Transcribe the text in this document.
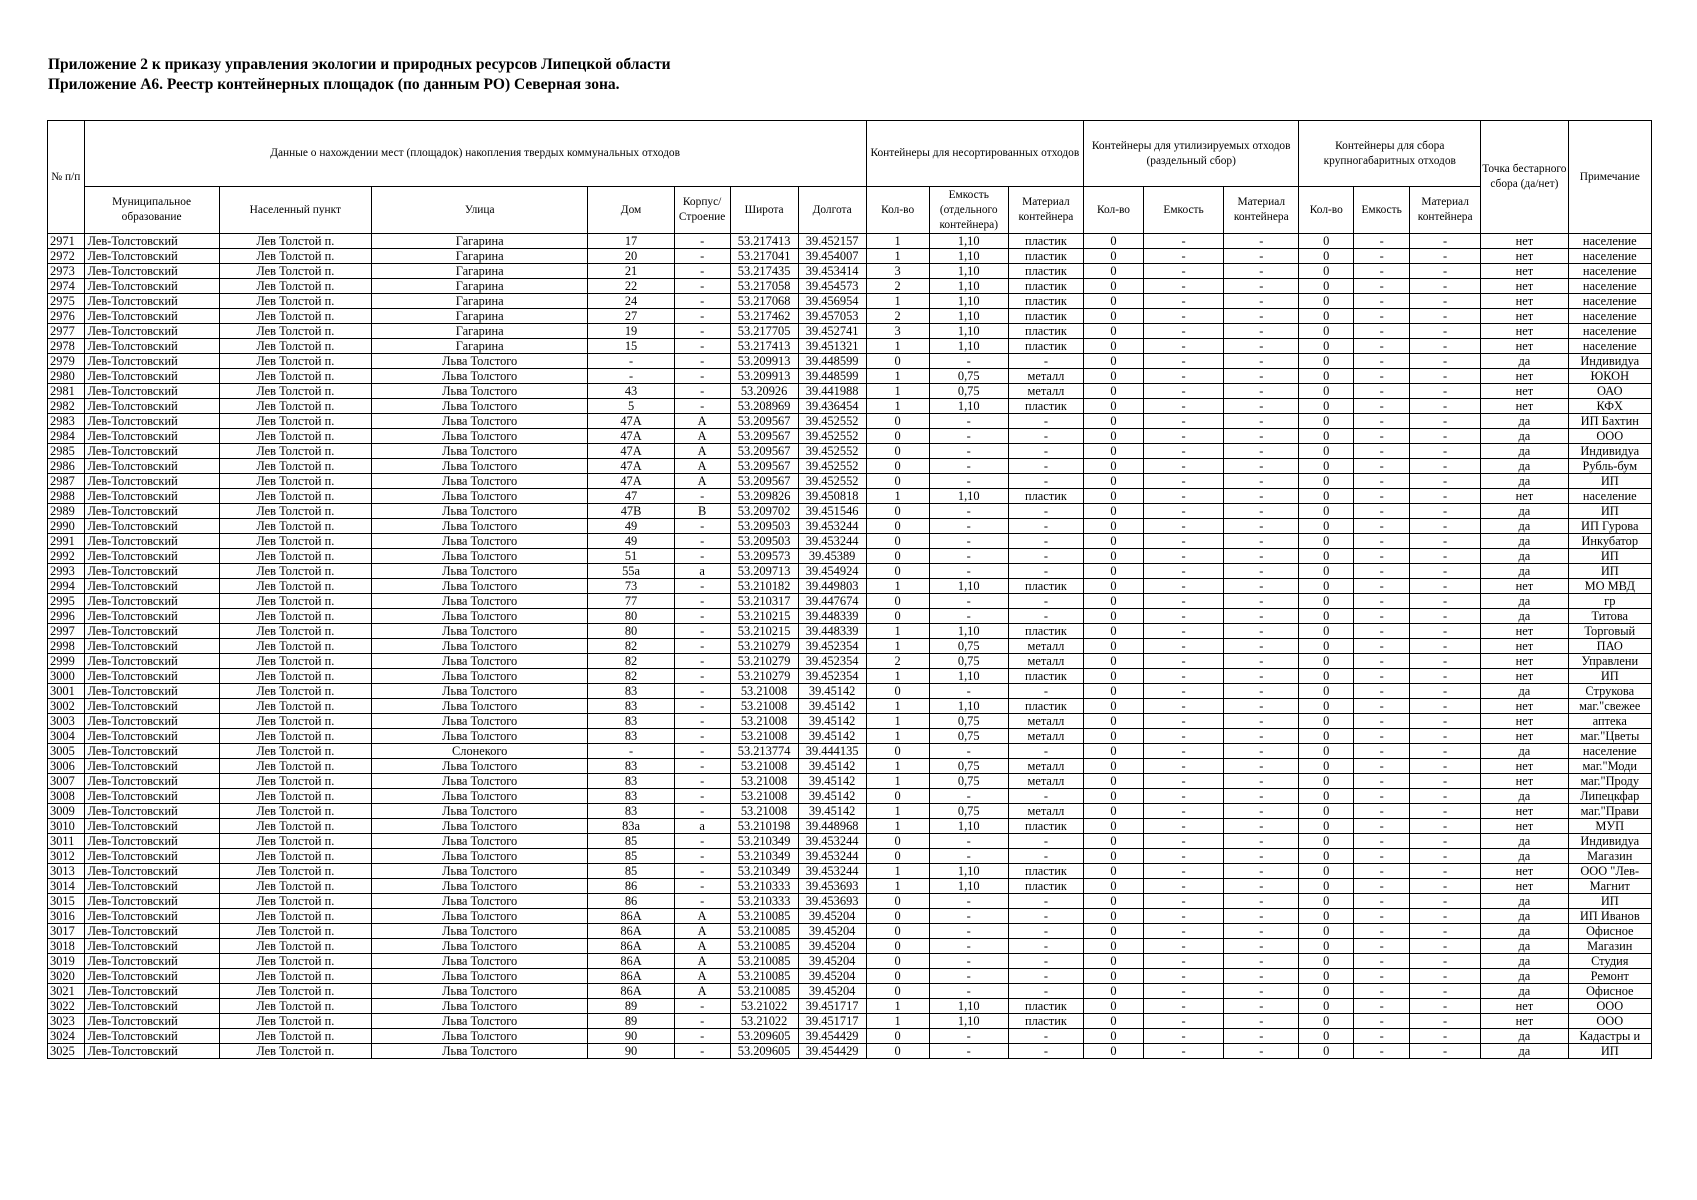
Приложение 2 к приказу управления экологии и природных ресурсов Липецкой области
Приложение А6. Реестр контейнерных площадок (по данным РО) Северная зона.
№ п/п	Данные о нахождении мест (площадок) накопления твердых коммунальных отходов							Контейнеры для несортированных отходов			Контейнеры для утилизируемых отходов (раздельный сбор)			Контейнеры для сбора крупногабаритных отходов			Точка бестарного сбора (да/нет)	Примечание
	Муниципальное образование	Населенный пункт	Улица	Дом	Корпус/ Строение	Широта	Долгота	Кол-во	Емкость (отдельного контейнера)	Материал контейнера	Кол-во	Емкость	Материал контейнера	Кол-во	Емкость	Материал контейнера		
2971	Лев-Толстовский	Лев Толстой п.	Гагарина	17	-	53.217413	39.452157	1	1,10	пластик	0	-	-	0	-	-	нет	население
2972	Лев-Толстовский	Лев Толстой п.	Гагарина	20	-	53.217041	39.454007	1	1,10	пластик	0	-	-	0	-	-	нет	население
2973	Лев-Толстовский	Лев Толстой п.	Гагарина	21	-	53.217435	39.453414	3	1,10	пластик	0	-	-	0	-	-	нет	население
2974	Лев-Толстовский	Лев Толстой п.	Гагарина	22	-	53.217058	39.454573	2	1,10	пластик	0	-	-	0	-	-	нет	население
2975	Лев-Толстовский	Лев Толстой п.	Гагарина	24	-	53.217068	39.456954	1	1,10	пластик	0	-	-	0	-	-	нет	население
2976	Лев-Толстовский	Лев Толстой п.	Гагарина	27	-	53.217462	39.457053	2	1,10	пластик	0	-	-	0	-	-	нет	население
2977	Лев-Толстовский	Лев Толстой п.	Гагарина	19	-	53.217705	39.452741	3	1,10	пластик	0	-	-	0	-	-	нет	население
2978	Лев-Толстовский	Лев Толстой п.	Гагарина	15	-	53.217413	39.451321	1	1,10	пластик	0	-	-	0	-	-	нет	население
2979	Лев-Толстовский	Лев Толстой п.	Льва Толстого	-	-	53.209913	39.448599	0	-	-	0	-	-	0	-	-	да	Индивидуа
2980	Лев-Толстовский	Лев Толстой п.	Льва Толстого	-	-	53.209913	39.448599	1	0,75	металл	0	-	-	0	-	-	нет	ЮКОН
2981	Лев-Толстовский	Лев Толстой п.	Льва Толстого	43	-	53.20926	39.441988	1	0,75	металл	0	-	-	0	-	-	нет	ОАО
2982	Лев-Толстовский	Лев Толстой п.	Льва Толстого	5	-	53.208969	39.436454	1	1,10	пластик	0	-	-	0	-	-	нет	КФХ
2983	Лев-Толстовский	Лев Толстой п.	Льва Толстого	47А	А	53.209567	39.452552	0	-	-	0	-	-	0	-	-	да	ИП Бахтин
2984	Лев-Толстовский	Лев Толстой п.	Льва Толстого	47А	А	53.209567	39.452552	0	-	-	0	-	-	0	-	-	да	ООО
2985	Лев-Толстовский	Лев Толстой п.	Льва Толстого	47А	А	53.209567	39.452552	0	-	-	0	-	-	0	-	-	да	Индивидуа
2986	Лев-Толстовский	Лев Толстой п.	Льва Толстого	47А	А	53.209567	39.452552	0	-	-	0	-	-	0	-	-	да	Рубль-бум
2987	Лев-Толстовский	Лев Толстой п.	Льва Толстого	47А	А	53.209567	39.452552	0	-	-	0	-	-	0	-	-	да	ИП
2988	Лев-Толстовский	Лев Толстой п.	Льва Толстого	47	-	53.209826	39.450818	1	1,10	пластик	0	-	-	0	-	-	нет	население
2989	Лев-Толстовский	Лев Толстой п.	Льва Толстого	47В	В	53.209702	39.451546	0	-	-	0	-	-	0	-	-	да	ИП
2990	Лев-Толстовский	Лев Толстой п.	Льва Толстого	49	-	53.209503	39.453244	0	-	-	0	-	-	0	-	-	да	ИП Гурова
2991	Лев-Толстовский	Лев Толстой п.	Льва Толстого	49	-	53.209503	39.453244	0	-	-	0	-	-	0	-	-	да	Инкубатор
2992	Лев-Толстовский	Лев Толстой п.	Льва Толстого	51	-	53.209573	39.45389	0	-	-	0	-	-	0	-	-	да	ИП
2993	Лев-Толстовский	Лев Толстой п.	Льва Толстого	55а	а	53.209713	39.454924	0	-	-	0	-	-	0	-	-	да	ИП
2994	Лев-Толстовский	Лев Толстой п.	Льва Толстого	73	-	53.210182	39.449803	1	1,10	пластик	0	-	-	0	-	-	нет	МО МВД
2995	Лев-Толстовский	Лев Толстой п.	Льва Толстого	77	-	53.210317	39.447674	0	-	-	0	-	-	0	-	-	да	гр
2996	Лев-Толстовский	Лев Толстой п.	Льва Толстого	80	-	53.210215	39.448339	0	-	-	0	-	-	0	-	-	да	Титова
2997	Лев-Толстовский	Лев Толстой п.	Льва Толстого	80	-	53.210215	39.448339	1	1,10	пластик	0	-	-	0	-	-	нет	Торговый
2998	Лев-Толстовский	Лев Толстой п.	Льва Толстого	82	-	53.210279	39.452354	1	0,75	металл	0	-	-	0	-	-	нет	ПАО
2999	Лев-Толстовский	Лев Толстой п.	Льва Толстого	82	-	53.210279	39.452354	2	0,75	металл	0	-	-	0	-	-	нет	Управлени
3000	Лев-Толстовский	Лев Толстой п.	Льва Толстого	82	-	53.210279	39.452354	1	1,10	пластик	0	-	-	0	-	-	нет	ИП
3001	Лев-Толстовский	Лев Толстой п.	Льва Толстого	83	-	53.21008	39.45142	0	-	-	0	-	-	0	-	-	да	Струкова
3002	Лев-Толстовский	Лев Толстой п.	Льва Толстого	83	-	53.21008	39.45142	1	1,10	пластик	0	-	-	0	-	-	нет	маг."свежее
3003	Лев-Толстовский	Лев Толстой п.	Льва Толстого	83	-	53.21008	39.45142	1	0,75	металл	0	-	-	0	-	-	нет	аптека
3004	Лев-Толстовский	Лев Толстой п.	Льва Толстого	83	-	53.21008	39.45142	1	0,75	металл	0	-	-	0	-	-	нет	маг."Цветы
3005	Лев-Толстовский	Лев Толстой п.	Слонекого	-	-	53.213774	39.444135	0	-	-	0	-	-	0	-	-	да	население
3006	Лев-Толстовский	Лев Толстой п.	Льва Толстого	83	-	53.21008	39.45142	1	0,75	металл	0	-	-	0	-	-	нет	маг."Моди
3007	Лев-Толстовский	Лев Толстой п.	Льва Толстого	83	-	53.21008	39.45142	1	0,75	металл	0	-	-	0	-	-	нет	маг."Проду
3008	Лев-Толстовский	Лев Толстой п.	Льва Толстого	83	-	53.21008	39.45142	0	-	-	0	-	-	0	-	-	да	Липецкфар
3009	Лев-Толстовский	Лев Толстой п.	Льва Толстого	83	-	53.21008	39.45142	1	0,75	металл	0	-	-	0	-	-	нет	маг."Прави
3010	Лев-Толстовский	Лев Толстой п.	Льва Толстого	83а	а	53.210198	39.448968	1	1,10	пластик	0	-	-	0	-	-	нет	МУП
3011	Лев-Толстовский	Лев Толстой п.	Льва Толстого	85	-	53.210349	39.453244	0	-	-	0	-	-	0	-	-	да	Индивидуа
3012	Лев-Толстовский	Лев Толстой п.	Льва Толстого	85	-	53.210349	39.453244	0	-	-	0	-	-	0	-	-	да	Магазин
3013	Лев-Толстовский	Лев Толстой п.	Льва Толстого	85	-	53.210349	39.453244	1	1,10	пластик	0	-	-	0	-	-	нет	ООО "Лев-
3014	Лев-Толстовский	Лев Толстой п.	Льва Толстого	86	-	53.210333	39.453693	1	1,10	пластик	0	-	-	0	-	-	нет	Магнит
3015	Лев-Толстовский	Лев Толстой п.	Льва Толстого	86	-	53.210333	39.453693	0	-	-	0	-	-	0	-	-	да	ИП
3016	Лев-Толстовский	Лев Толстой п.	Льва Толстого	86А	А	53.210085	39.45204	0	-	-	0	-	-	0	-	-	да	ИП Иванов
3017	Лев-Толстовский	Лев Толстой п.	Льва Толстого	86А	А	53.210085	39.45204	0	-	-	0	-	-	0	-	-	да	Офисное
3018	Лев-Толстовский	Лев Толстой п.	Льва Толстого	86А	А	53.210085	39.45204	0	-	-	0	-	-	0	-	-	да	Магазин
3019	Лев-Толстовский	Лев Толстой п.	Льва Толстого	86А	А	53.210085	39.45204	0	-	-	0	-	-	0	-	-	да	Студия
3020	Лев-Толстовский	Лев Толстой п.	Льва Толстого	86А	А	53.210085	39.45204	0	-	-	0	-	-	0	-	-	да	Ремонт
3021	Лев-Толстовский	Лев Толстой п.	Льва Толстого	86А	А	53.210085	39.45204	0	-	-	0	-	-	0	-	-	да	Офисное
3022	Лев-Толстовский	Лев Толстой п.	Льва Толстого	89	-	53.21022	39.451717	1	1,10	пластик	0	-	-	0	-	-	нет	ООО
3023	Лев-Толстовский	Лев Толстой п.	Льва Толстого	89	-	53.21022	39.451717	1	1,10	пластик	0	-	-	0	-	-	нет	ООО
3024	Лев-Толстовский	Лев Толстой п.	Льва Толстого	90	-	53.209605	39.454429	0	-	-	0	-	-	0	-	-	да	Кадастры и
3025	Лев-Толстовский	Лев Толстой п.	Льва Толстого	90	-	53.209605	39.454429	0	-	-	0	-	-	0	-	-	да	ИП
